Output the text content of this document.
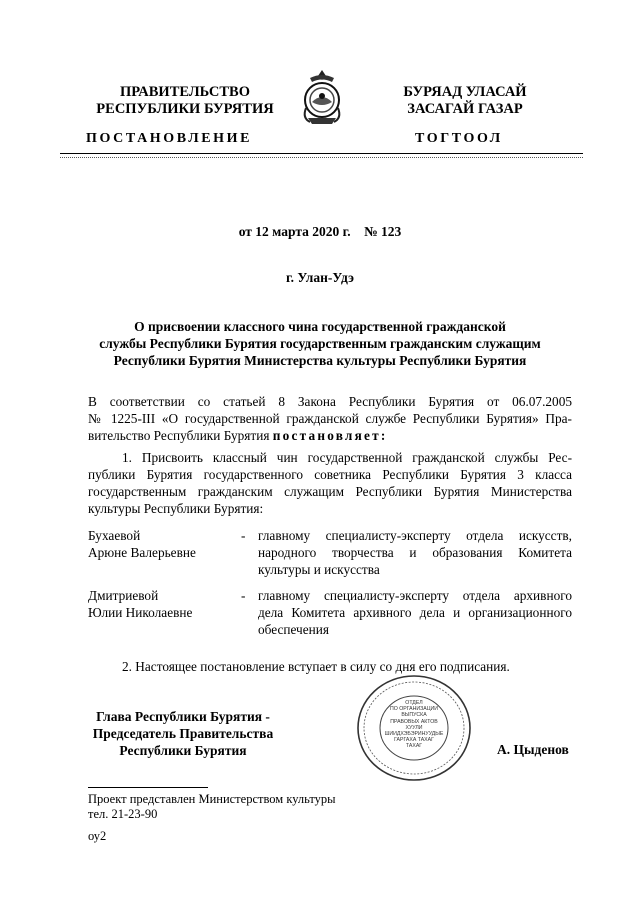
ПРАВИТЕЛЬСТВО
РЕСПУБЛИКИ БУРЯТИЯ
БУРЯАД УЛАСАЙ
ЗАСАГАЙ ГАЗАР
ПОСТАНОВЛЕНИЕ	ТОГТООЛ
от 12 марта 2020 г.    № 123
г. Улан-Удэ
О присвоении классного чина государственной гражданской
службы Республики Бурятия государственным гражданским служащим
Республики Бурятия Министерства культуры Республики Бурятия
В соответствии со статьей 8 Закона Республики Бурятия от 06.07.2005
№ 1225-III «О государственной гражданской службе Республики Бурятия» Пра-
вительство Республики Бурятия постановляет:
1. Присвоить классный чин государственной гражданской службы Рес-
публики Бурятия государственного советника Республики Бурятия 3 класса
государственным гражданским служащим Республики Бурятия Министерства
культуры Республики Бурятия:
Бухаевой
Арюне Валерьевне
- главному специалисту-эксперту отдела искусств,
народного творчества и образования Комитета
культуры и искусства
Дмитриевой
Юлии Николаевне
- главному специалисту-эксперту отдела архивного
дела Комитета архивного дела и организационного
обеспечения
2. Настоящее постановление вступает в силу со дня его подписания.
Глава Республики Бурятия -
Председатель Правительства
Республики Бурятия
ОТДЕЛ
ПО ОРГАНИЗАЦИИ
ВЫПУСКА
ПРАВОВЫХ АКТОВ
ХУУЛИ
ШИИДХЭБЭРИНУУДЫЕ
ГАРГАХА ТАХАГ
ТАХАГ	А. Цыденов
Проект представлен Министерством культуры
тел. 21-23-90
оу2
